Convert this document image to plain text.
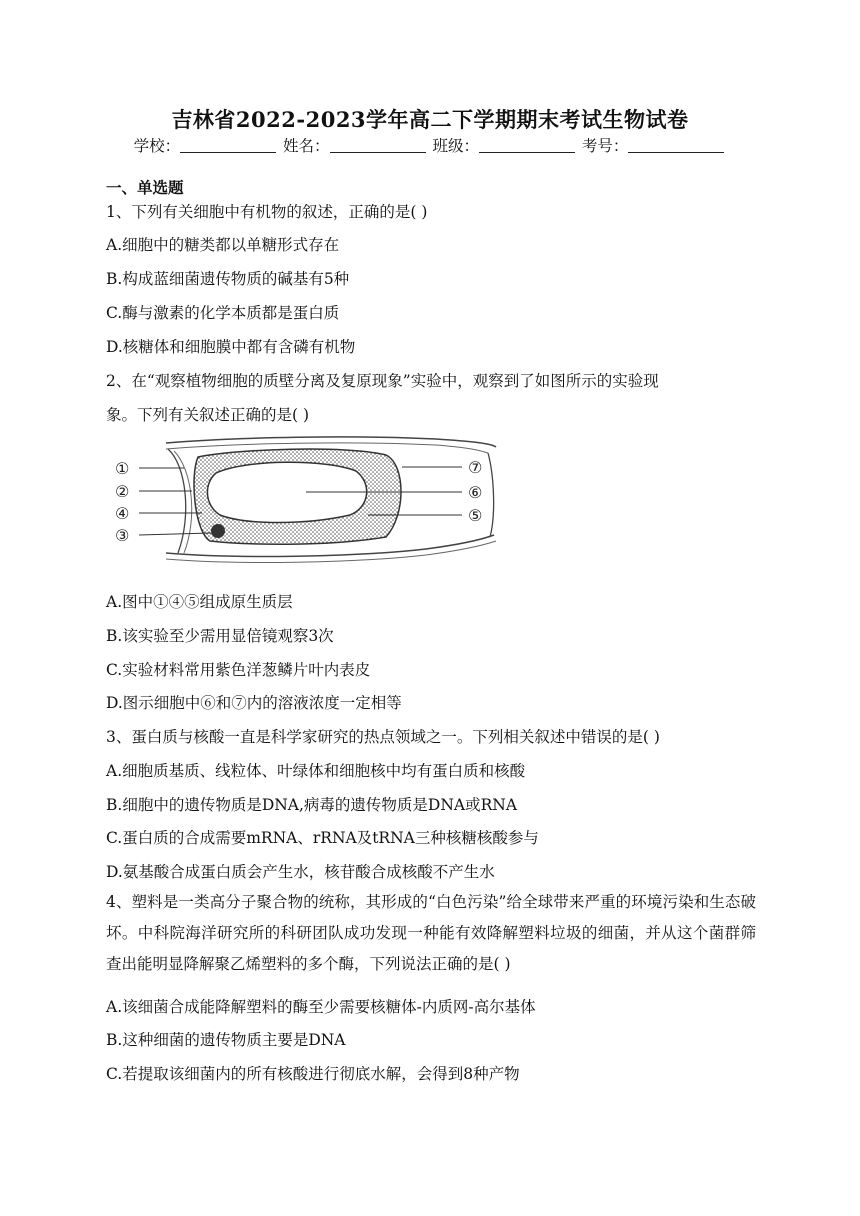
吉林省2022-2023学年高二下学期期末考试生物试卷
学校：	姓名：	班级：	考号：
一、单选题
1、下列有关细胞中有机物的叙述，正确的是( )
A.细胞中的糖类都以单糖形式存在
B.构成蓝细菌遗传物质的碱基有5种
C.酶与激素的化学本质都是蛋白质
D.核糖体和细胞膜中都有含磷有机物
2、在“观察植物细胞的质壁分离及复原现象”实验中，观察到了如图所示的实验现
象。下列有关叙述正确的是( )
①
②
④
③
⑦
⑥
⑤
A.图中①④⑤组成原生质层
B.该实验至少需用显倍镜观察3次
C.实验材料常用紫色洋葱鳞片叶内表皮
D.图示细胞中⑥和⑦内的溶液浓度一定相等
3、蛋白质与核酸一直是科学家研究的热点领域之一。下列相关叙述中错误的是( )
A.细胞质基质、线粒体、叶绿体和细胞核中均有蛋白质和核酸
B.细胞中的遗传物质是DNA,病毒的遗传物质是DNA或RNA
C.蛋白质的合成需要mRNA、rRNA及tRNA三种核糖核酸参与
D.氨基酸合成蛋白质会产生水，核苷酸合成核酸不产生水
4、塑料是一类高分子聚合物的统称，其形成的“白色污染”给全球带来严重的环境污染和生态破坏。中科院海洋研究所的科研团队成功发现一种能有效降解塑料垃圾的细菌，并从这个菌群筛查出能明显降解聚乙烯塑料的多个酶，下列说法正确的是( )
A.该细菌合成能降解塑料的酶至少需要核糖体-内质网-高尔基体
B.这种细菌的遗传物质主要是DNA
C.若提取该细菌内的所有核酸进行彻底水解，会得到8种产物
